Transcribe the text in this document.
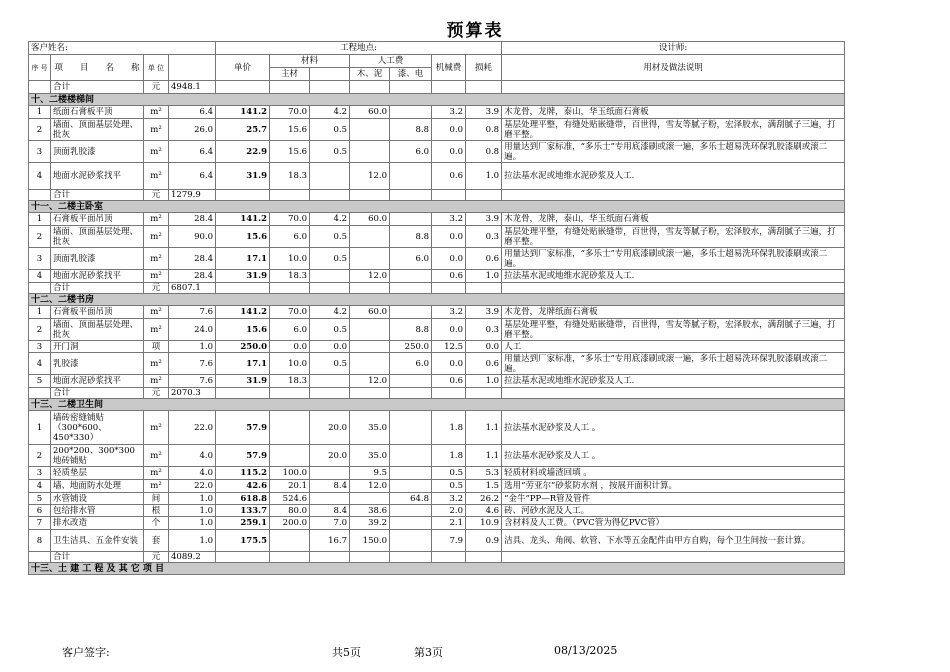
预算表
客户姓名:				工程地点:							设计师:
序 号	项　　目　　名　　称	单 位		单价	材料		人工费		机械费	损耗	用材及做法说明
					主材		木、泥	漆、电			
	合计	元	4948.1								
十、二楼楼梯间											
1	纸面石膏板平顶	m²	6.4	141.2	70.0	4.2	60.0		3.2	3.9	木龙骨，龙牌，泰山，华玉纸面石膏板
2	墙面、顶面基层处理、批灰	m²	26.0	25.7	15.6	0.5		8.8	0.0	0.8	基层处理平整，有缝处贴嵌缝带，百世得，雪友等腻子粉，宏泽胶水，满刮腻子三遍，打磨平整。
3	顶面乳胶漆	m²	6.4	22.9	15.6	0.5		6.0	0.0	0.8	用量达到厂家标准，“多乐士”专用底漆刷或滚一遍，多乐士超易洗环保乳胶漆刷或滚二遍。
4	地面水泥砂浆找平	m²	6.4	31.9	18.3		12.0		0.6	1.0	拉法基水泥或地维水泥砂浆及人工.
	合计	元	1279.9								
十一、二楼主卧室											
1	石膏板平面吊顶	m²	28.4	141.2	70.0	4.2	60.0		3.2	3.9	木龙骨，龙牌，泰山，华玉纸面石膏板
2	墙面、顶面基层处理、批灰	m²	90.0	15.6	6.0	0.5		8.8	0.0	0.3	基层处理平整，有缝处贴嵌缝带，百世得，雪友等腻子粉，宏泽胶水，满刮腻子三遍，打磨平整。
3	顶面乳胶漆	m²	28.4	17.1	10.0	0.5		6.0	0.0	0.6	用量达到厂家标准，“多乐士”专用底漆刷或滚一遍，多乐士超易洗环保乳胶漆刷或滚二遍。
4	地面水泥砂浆找平	m²	28.4	31.9	18.3		12.0		0.6	1.0	拉法基水泥或地维水泥砂浆及人工.
	合计	元	6807.1								
十二、二楼书房											
1	石膏板平面吊顶	m²	7.6	141.2	70.0	4.2	60.0		3.2	3.9	木龙骨，龙牌纸面石膏板
2	墙面、顶面基层处理、批灰	m²	24.0	15.6	6.0	0.5		8.8	0.0	0.3	基层处理平整，有缝处贴嵌缝带，百世得，雪友等腻子粉，宏泽胶水，满刮腻子三遍，打磨平整。
3	开门洞	项	1.0	250.0	0.0	0.0		250.0	12.5	0.0	人工
4	乳胶漆	m²	7.6	17.1	10.0	0.5		6.0	0.0	0.6	用量达到厂家标准，“多乐士”专用底漆刷或滚一遍，多乐士超易洗环保乳胶漆刷或滚二遍。
5	地面水泥砂浆找平	m²	7.6	31.9	18.3		12.0		0.6	1.0	拉法基水泥或地维水泥砂浆及人工.
	合计	元	2070.3								
十三、二楼卫生间											
1	墙砖密缝铺贴（300*600、450*330）	m²	22.0	57.9		20.0	35.0		1.8	1.1	拉法基水泥砂浆及人工 。
2	200*200、300*300地砖铺贴	m²	4.0	57.9		20.0	35.0		1.8	1.1	拉法基水泥砂浆及人工 。
3	轻质垫层	m²	4.0	115.2	100.0		9.5		0.5	5.3	轻质材料或墙渣回填 。
4	墙、地面防水处理	m²	22.0	42.6	20.1	8.4	12.0		0.5	1.5	选用“劳亚尔”砂浆防水剂 ，按展开面积计算。
5	水管铺设	间	1.0	618.8	524.6			64.8	3.2	26.2	“金牛”PP—R管及管件
6	包给排水管	根	1.0	133.7	80.0	8.4	38.6		2.0	4.6	砖、河砂水泥及人工。
7	排水改造	个	1.0	259.1	200.0	7.0	39.2		2.1	10.9	含材料及人工费。（PVC管为得亿PVC管）
8	卫生洁具、五金件安装	套	1.0	175.5		16.7	150.0		7.9	0.9	洁具、龙头、角阀、软管、下水等五金配件由甲方自购，每个卫生间按一套计算。
	合计	元	4089.2								
十三、土 建 工 程 及 其 它 项 目											
客户签字:	共5页	第3页	08/13/2025
